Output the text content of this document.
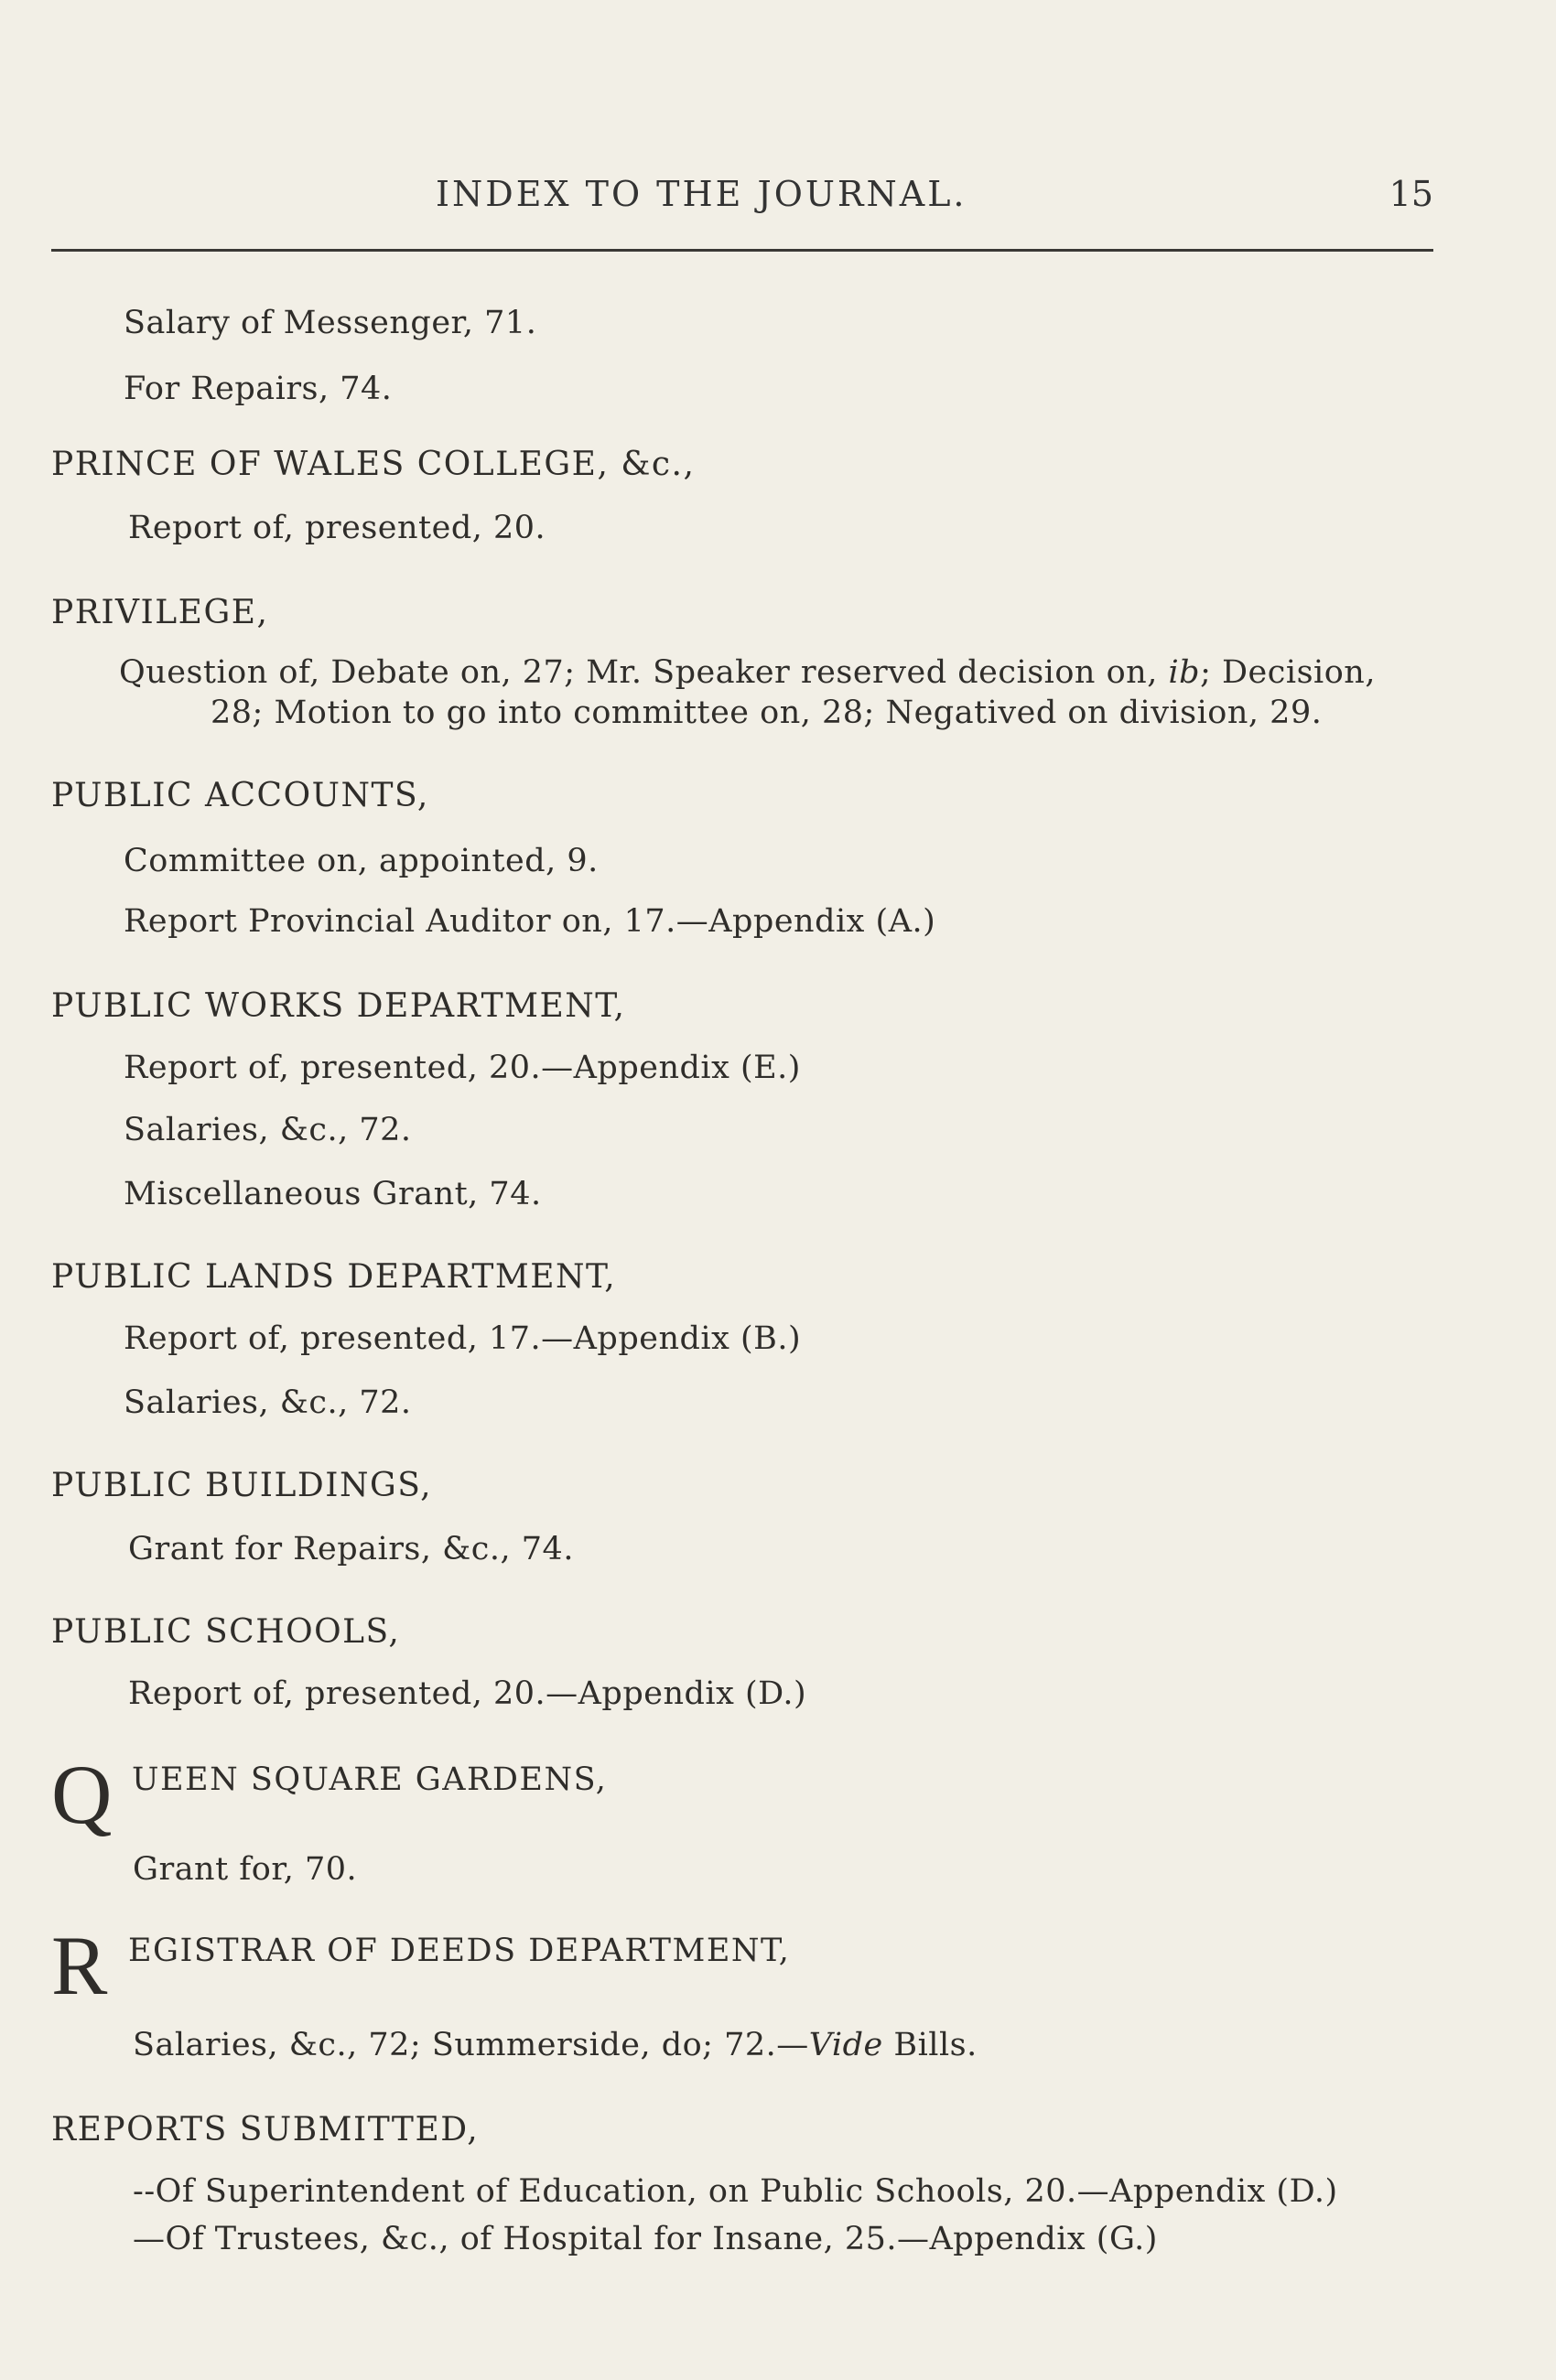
INDEX TO THE JOURNAL.	15
Salary of Messenger, 71.
For Repairs, 74.
PRINCE OF WALES COLLEGE, &c.,
Report of, presented, 20.
PRIVILEGE,
Question of, Debate on, 27; Mr. Speaker reserved decision on, ib; Decision,
28; Motion to go into committee on, 28; Negatived on division, 29.
PUBLIC ACCOUNTS,
Committee on, appointed, 9.
Report Provincial Auditor on, 17.—Appendix (A.)
PUBLIC WORKS DEPARTMENT,
Report of, presented, 20.—Appendix (E.)
Salaries, &c., 72.
Miscellaneous Grant, 74.
PUBLIC LANDS DEPARTMENT,
Report of, presented, 17.—Appendix (B.)
Salaries, &c., 72.
PUBLIC BUILDINGS,
Grant for Repairs, &c., 74.
PUBLIC SCHOOLS,
Report of, presented, 20.—Appendix (D.)
Q UEEN SQUARE GARDENS,
Grant for, 70.
R EGISTRAR OF DEEDS DEPARTMENT,
Salaries, &c., 72; Summerside, do; 72.—Vide Bills.
REPORTS SUBMITTED,
--Of Superintendent of Education, on Public Schools, 20.—Appendix (D.)
—Of Trustees, &c., of Hospital for Insane, 25.—Appendix (G.)
